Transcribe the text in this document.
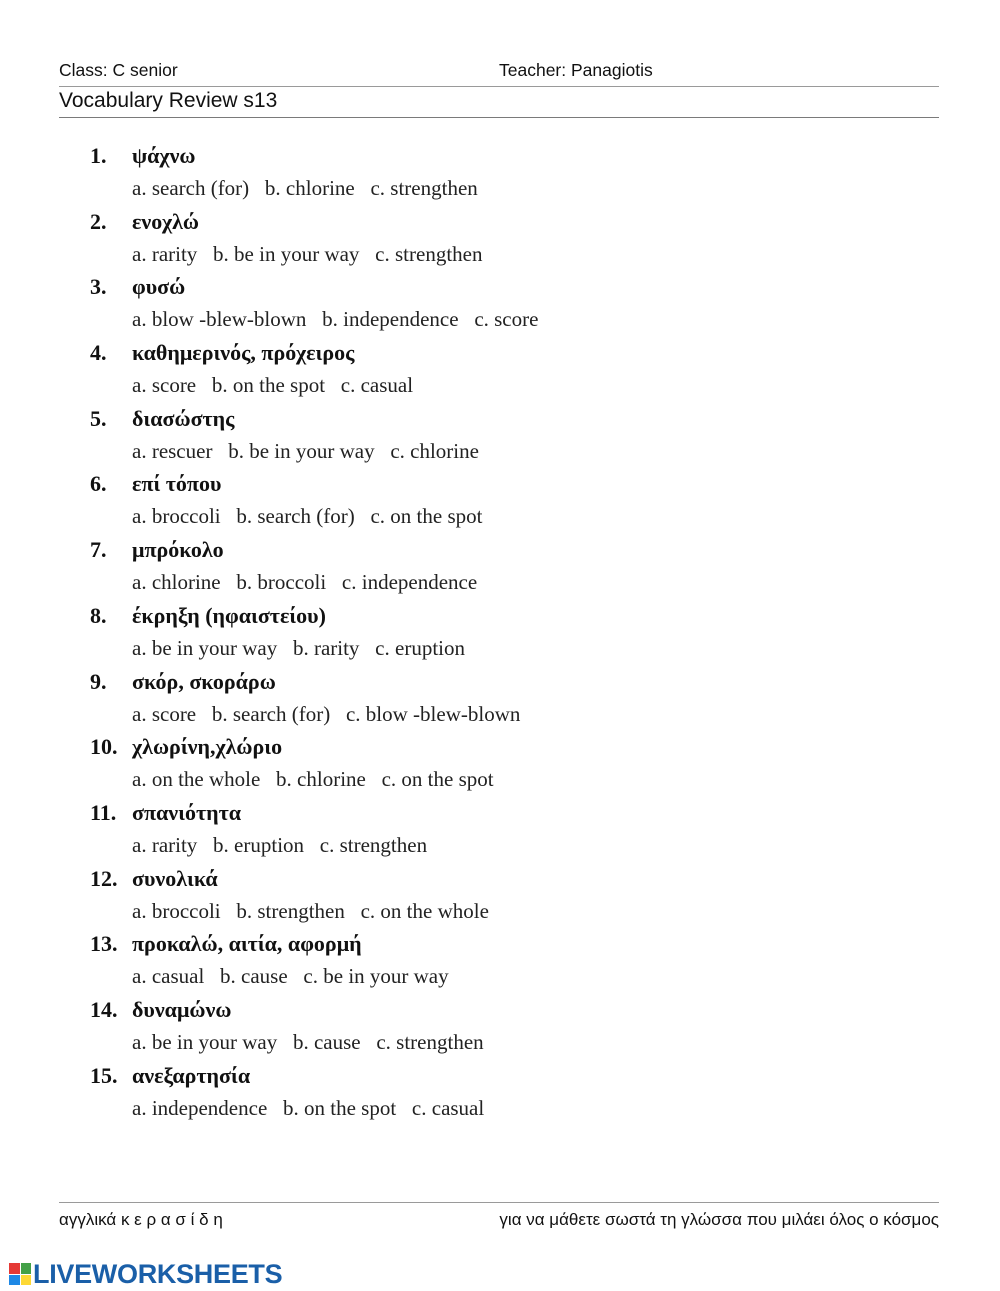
Class: C senior	Teacher: Panagiotis
Vocabulary Review s13
1. ψάχνω
a. search (for)   b. chlorine   c. strengthen
2. ενοχλώ
a. rarity   b. be in your way   c. strengthen
3. φυσώ
a. blow -blew-blown   b. independence   c. score
4. καθημερινός, πρόχειρος
a. score   b. on the spot   c. casual
5. διασώστης
a. rescuer   b. be in your way   c. chlorine
6. επί τόπου
a. broccoli   b. search (for)   c. on the spot
7. μπρόκολο
a. chlorine   b. broccoli   c. independence
8. έκρηξη (ηφαιστείου)
a. be in your way   b. rarity   c. eruption
9. σκόρ, σκοράρω
a. score   b. search (for)   c. blow -blew-blown
10. χλωρίνη,χλώριο
a. on the whole   b. chlorine   c. on the spot
11. σπανιότητα
a. rarity   b. eruption   c. strengthen
12. συνολικά
a. broccoli   b. strengthen   c. on the whole
13. προκαλώ, αιτία, αφορμή
a. casual   b. cause   c. be in your way
14. δυναμώνω
a. be in your way   b. cause   c. strengthen
15. ανεξαρτησία
a. independence   b. on the spot   c. casual
αγγλικά κ ε ρ α σ ί δ η	για να μάθετε σωστά τη γλώσσα που μιλάει όλος ο κόσμος
LIVEWORKSHEETS
